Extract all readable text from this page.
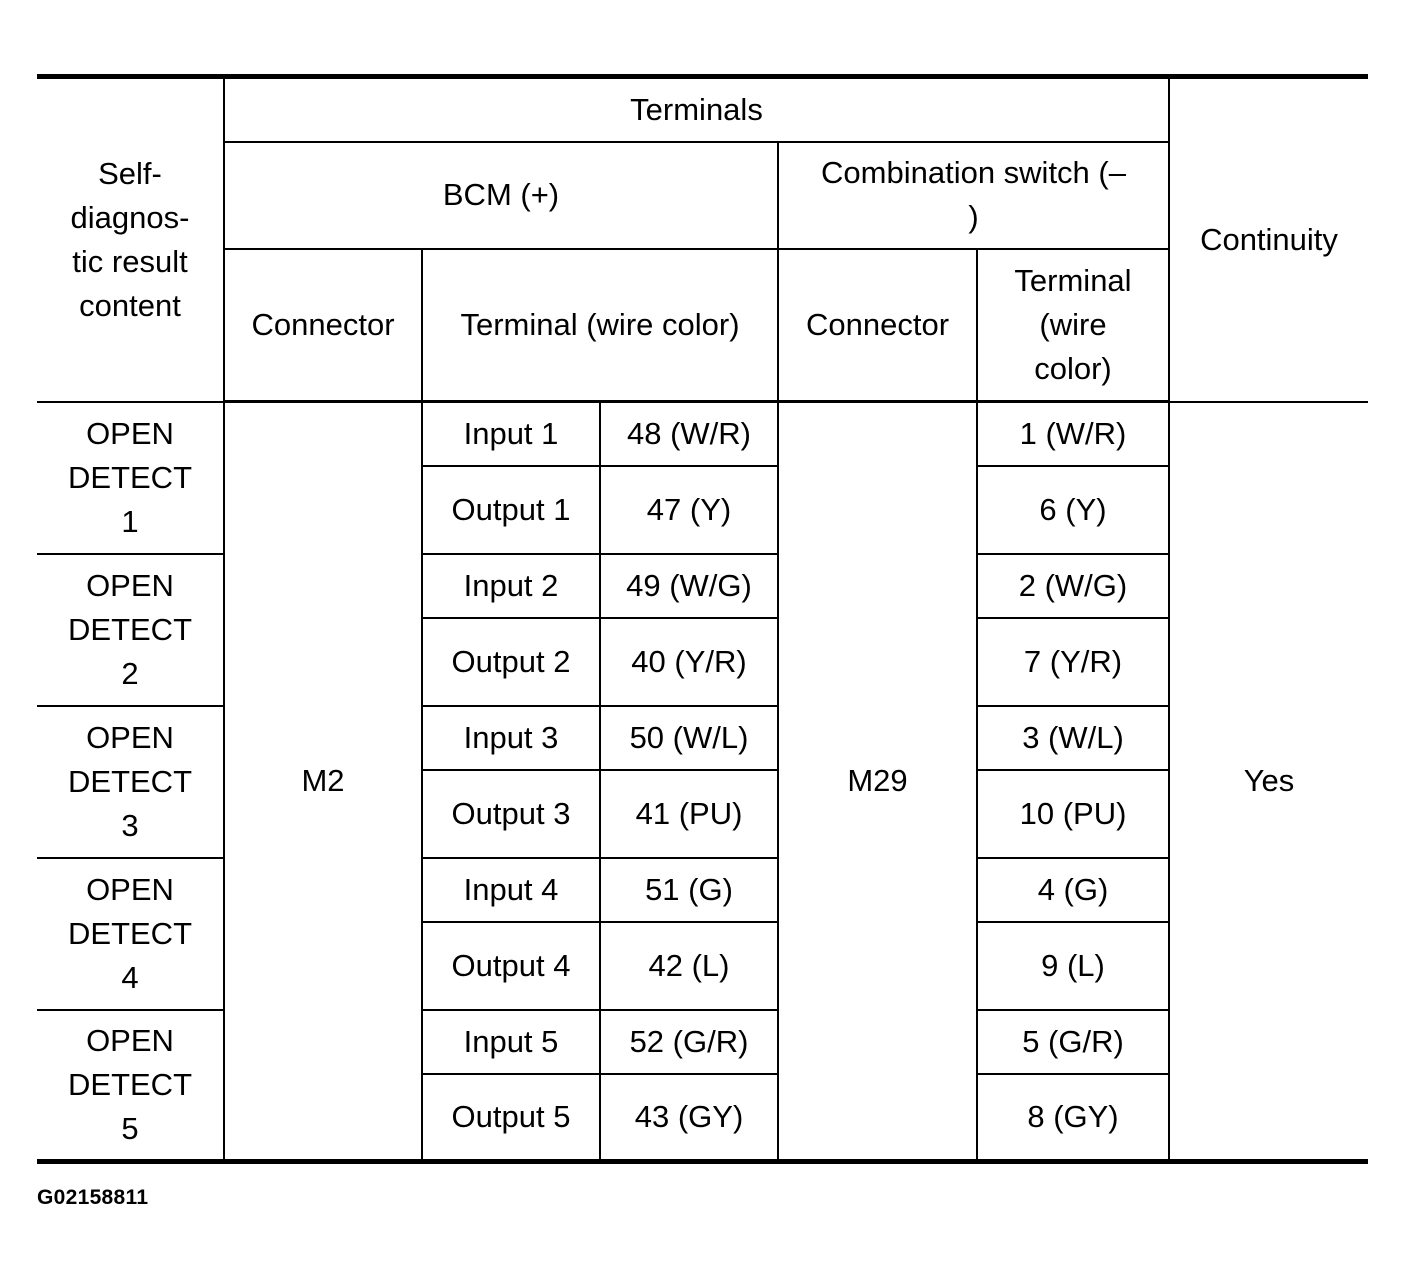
Self-
diagnos-
tic result
content	Terminals					Continuity
	BCM (+)			Combination switch (–
)		
	Connector	Terminal (wire color)		Connector	Terminal
(wire
color)	
OPEN
DETECT
1	M2	Input 1	48 (W/R)	M29	1 (W/R)	Yes
		Output 1	47 (Y)		6 (Y)	
OPEN
DETECT
2		Input 2	49 (W/G)		2 (W/G)	
		Output 2	40 (Y/R)		7 (Y/R)	
OPEN
DETECT
3		Input 3	50 (W/L)		3 (W/L)	
		Output 3	41 (PU)		10 (PU)	
OPEN
DETECT
4		Input 4	51 (G)		4 (G)	
		Output 4	42 (L)		9 (L)	
OPEN
DETECT
5		Input 5	52 (G/R)		5 (G/R)	
		Output 5	43 (GY)		8 (GY)	
G02158811
